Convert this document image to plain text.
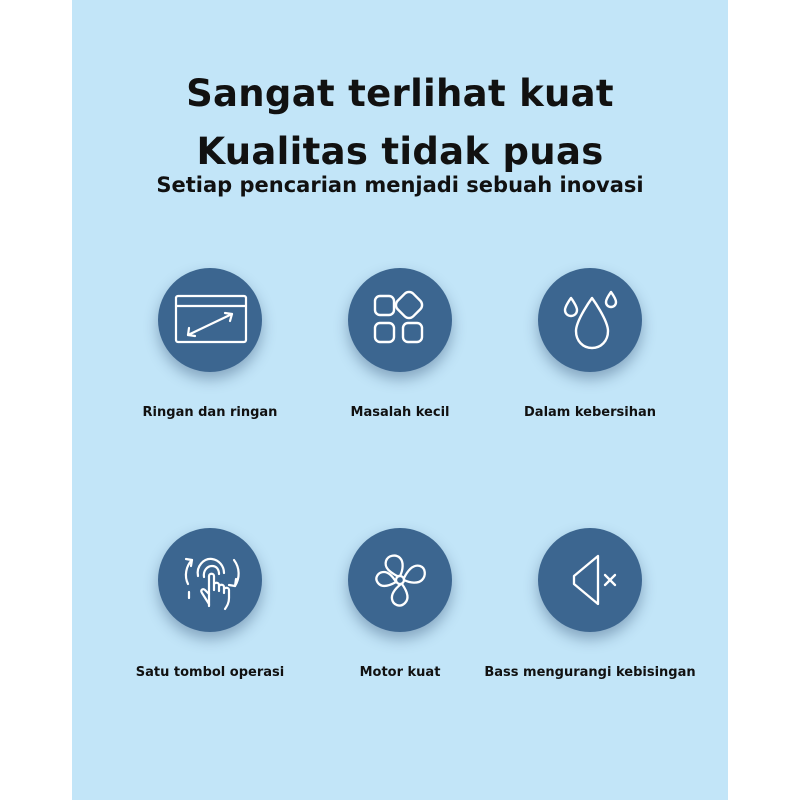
Sangat terlihat kuat
Kualitas tidak puas
Setiap pencarian menjadi sebuah inovasi
Ringan dan ringan	Masalah kecil	Dalam kebersihan
Satu tombol operasi	Motor kuat	Bass mengurangi kebisingan
